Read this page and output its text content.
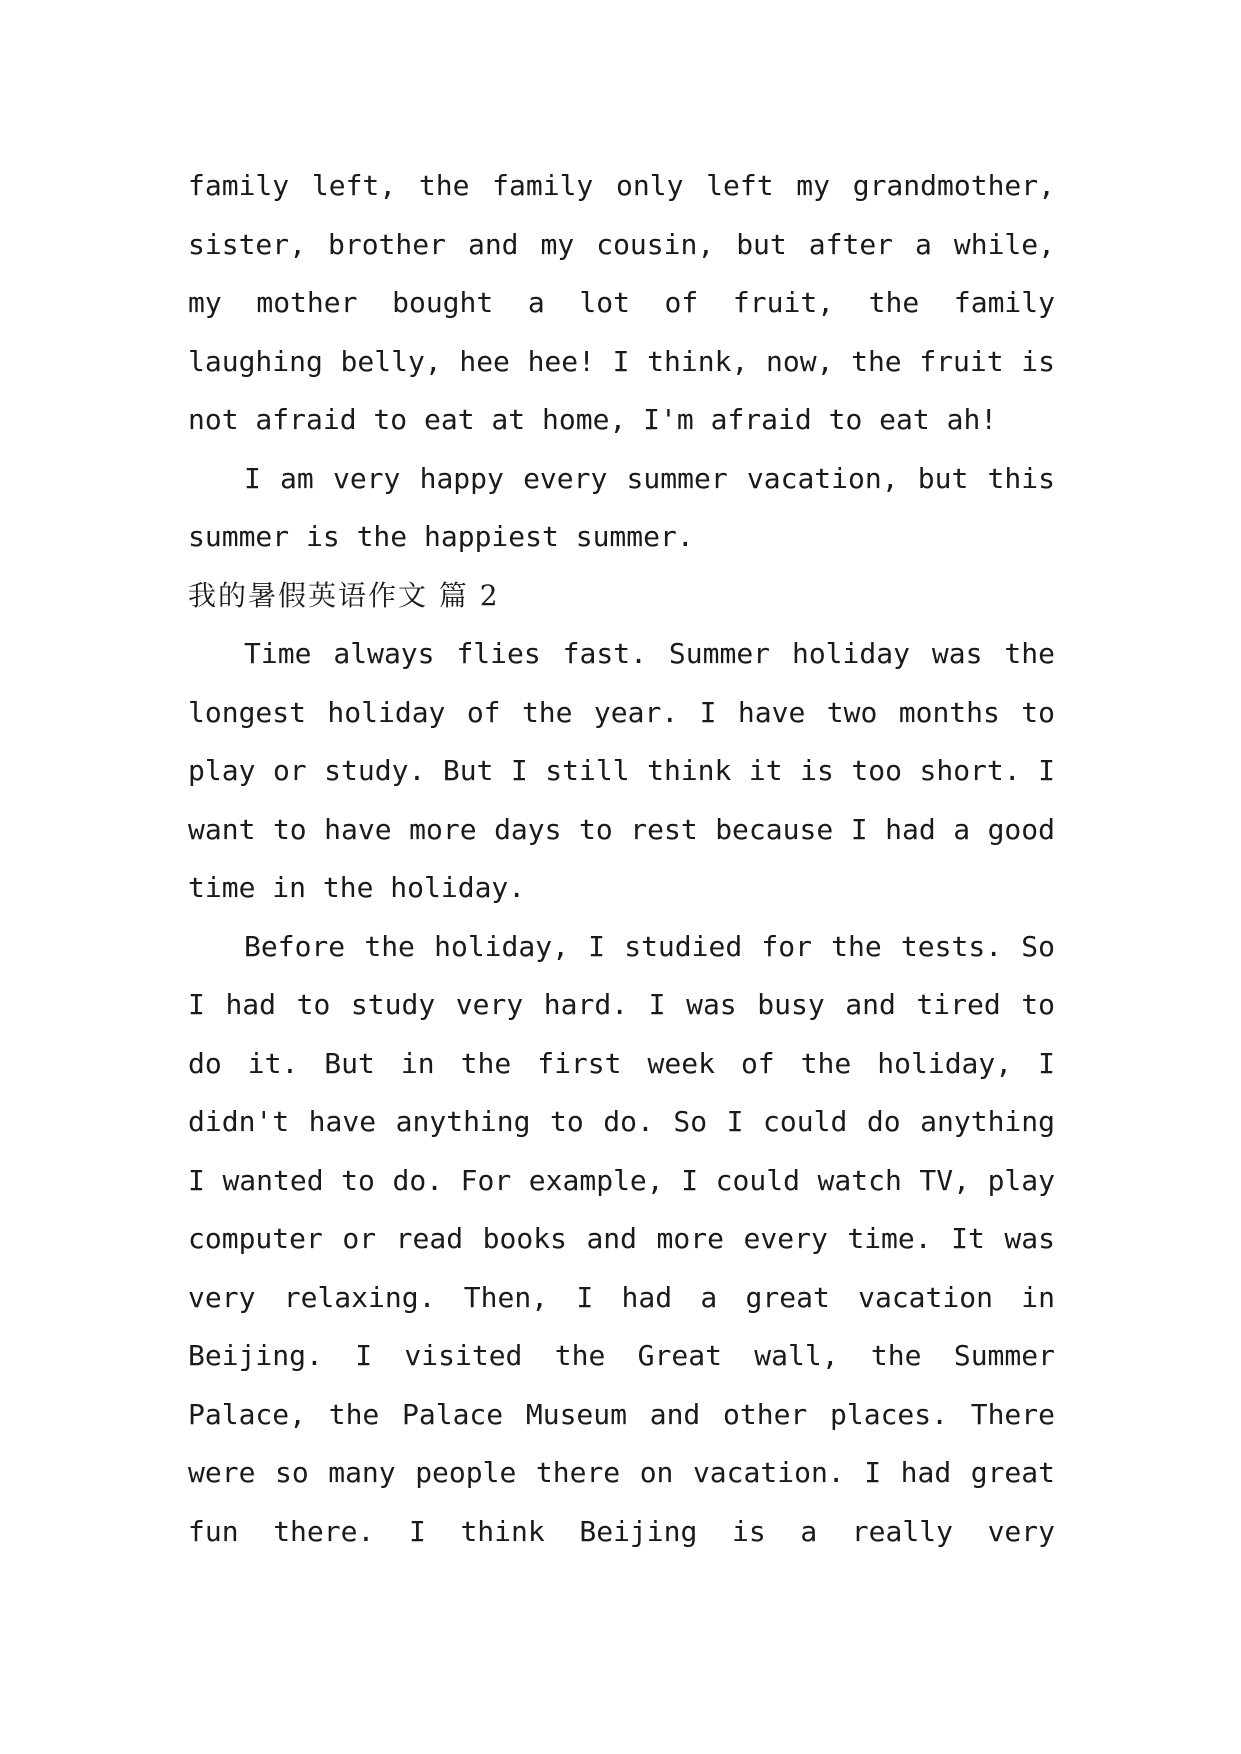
family left, the family only left my grandmother, sister, brother and my cousin, but after a while, my mother bought a lot of fruit, the family laughing belly, hee hee! I think, now, the fruit is not afraid to eat at home, I'm afraid to eat ah!

I am very happy every summer vacation, but this summer is the happiest summer.

我的暑假英语作文 篇 2

Time always flies fast. Summer holiday was the longest holiday of the year. I have two months to play or study. But I still think it is too short. I want to have more days to rest because I had a good time in the holiday.

Before the holiday, I studied for the tests. So I had to study very hard. I was busy and tired to do it. But in the first week of the holiday, I didn't have anything to do. So I could do anything I wanted to do. For example, I could watch TV, play computer or read books and more every time. It was very relaxing. Then, I had a great vacation in Beijing. I visited the Great wall, the Summer Palace, the Palace Museum and other places. There were so many people there on vacation. I had great fun there. I think Beijing is a really very
